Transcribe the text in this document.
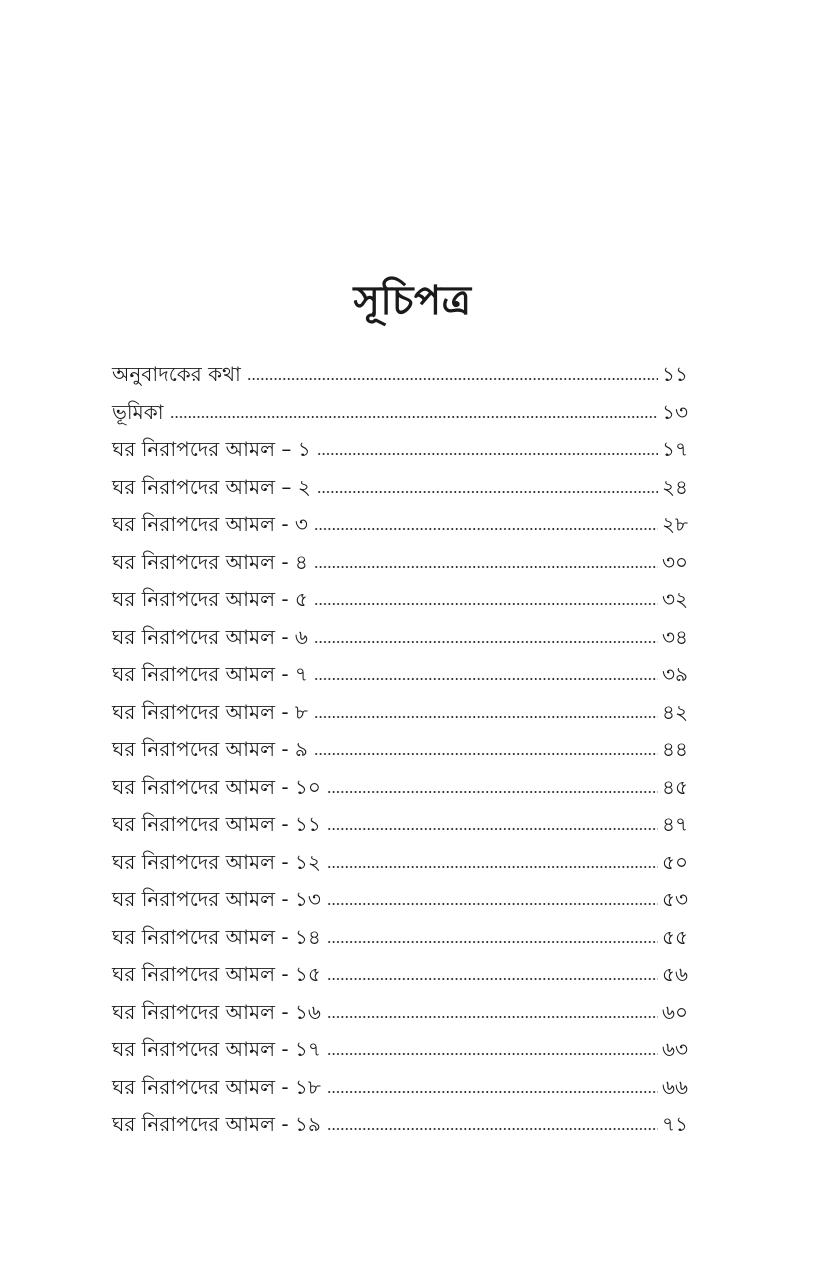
সূচিপত্র
অনুবাদকের কথা	১১
ভূমিকা	১৩
ঘর নিরাপদের আমল – ১	১৭
ঘর নিরাপদের আমল – ২	২৪
ঘর নিরাপদের আমল - ৩	২৮
ঘর নিরাপদের আমল - ৪	৩০
ঘর নিরাপদের আমল - ৫	৩২
ঘর নিরাপদের আমল - ৬	৩৪
ঘর নিরাপদের আমল - ৭	৩৯
ঘর নিরাপদের আমল - ৮	৪২
ঘর নিরাপদের আমল - ৯	৪৪
ঘর নিরাপদের আমল - ১০	৪৫
ঘর নিরাপদের আমল - ১১	৪৭
ঘর নিরাপদের আমল - ১২	৫০
ঘর নিরাপদের আমল - ১৩	৫৩
ঘর নিরাপদের আমল - ১৪	৫৫
ঘর নিরাপদের আমল - ১৫	৫৬
ঘর নিরাপদের আমল - ১৬	৬০
ঘর নিরাপদের আমল - ১৭	৬৩
ঘর নিরাপদের আমল - ১৮	৬৬
ঘর নিরাপদের আমল - ১৯	৭১
